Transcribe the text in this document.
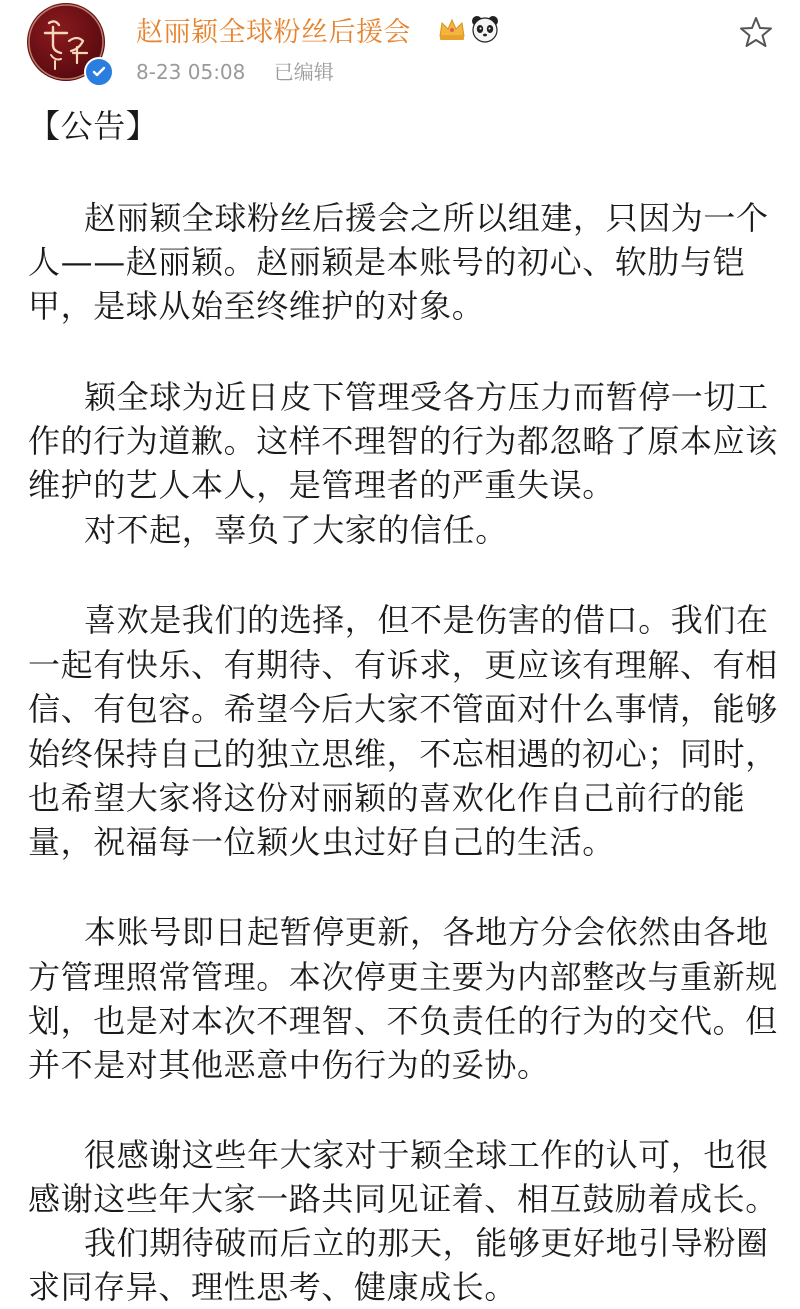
赵丽颖全球粉丝后援会
8-23 05:08 已编辑
【公告】
赵丽颖全球粉丝后援会之所以组建，只因为一个
人——赵丽颖。赵丽颖是本账号的初心、软肋与铠
甲，是球从始至终维护的对象。
颖全球为近日皮下管理受各方压力而暂停一切工
作的行为道歉。这样不理智的行为都忽略了原本应该
维护的艺人本人，是管理者的严重失误。
对不起，辜负了大家的信任。
喜欢是我们的选择，但不是伤害的借口。我们在
一起有快乐、有期待、有诉求，更应该有理解、有相
信、有包容。希望今后大家不管面对什么事情，能够
始终保持自己的独立思维，不忘相遇的初心；同时，
也希望大家将这份对丽颖的喜欢化作自己前行的能
量，祝福每一位颖火虫过好自己的生活。
本账号即日起暂停更新，各地方分会依然由各地
方管理照常管理。本次停更主要为内部整改与重新规
划，也是对本次不理智、不负责任的行为的交代。但
并不是对其他恶意中伤行为的妥协。
很感谢这些年大家对于颖全球工作的认可，也很
感谢这些年大家一路共同见证着、相互鼓励着成长。
我们期待破而后立的那天，能够更好地引导粉圈
求同存异、理性思考、健康成长。
